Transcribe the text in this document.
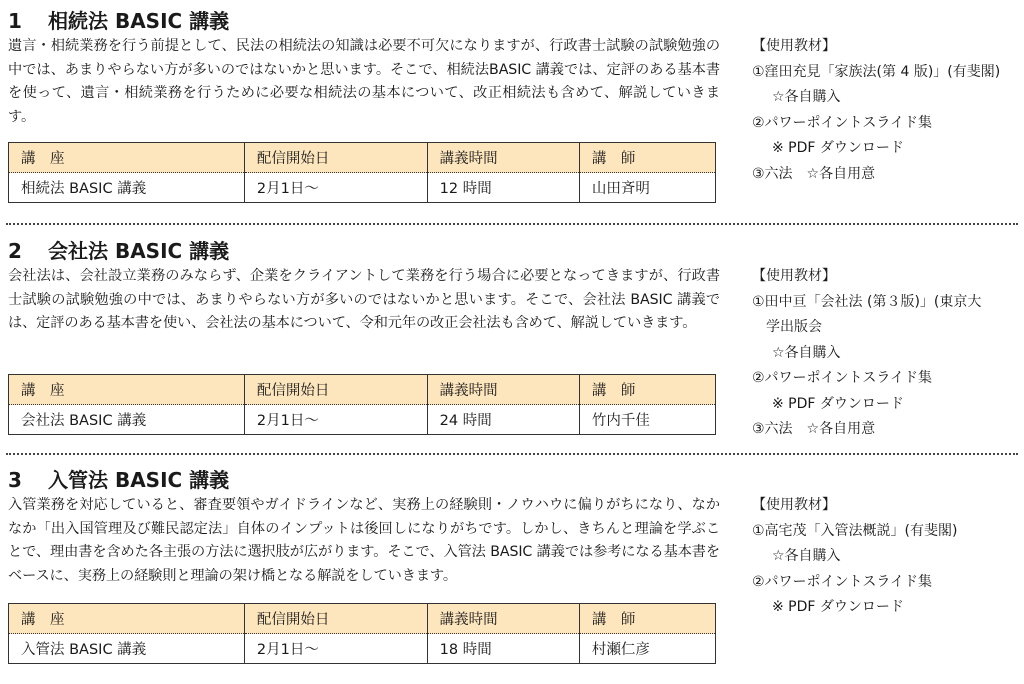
1 相続法 BASIC 講義
遺言・相続業務を行う前提として、民法の相続法の知識は必要不可欠になりますが、行政書士試験の試験勉強の中では、あまりやらない方が多いのではないかと思います。そこで、相続法BASIC 講義では、定評のある基本書を使って、遺言・相続業務を行うために必要な相続法の基本について、改正相続法も含めて、解説していきます。
講　座	配信開始日	講義時間	講　師
相続法 BASIC 講義	2月1日〜	12 時間	山田斉明
【使用教材】
①窪田充見「家族法(第 4 版)」(有斐閣)
☆各自購入
②パワーポイントスライド集
※ PDF ダウンロード
③六法　☆各自用意
2 会社法 BASIC 講義
会社法は、会社設立業務のみならず、企業をクライアントして業務を行う場合に必要となってきますが、行政書士試験の試験勉強の中では、あまりやらない方が多いのではないかと思います。そこで、会社法 BASIC 講義では、定評のある基本書を使い、会社法の基本について、令和元年の改正会社法も含めて、解説していきます。
講　座	配信開始日	講義時間	講　師
会社法 BASIC 講義	2月1日〜	24 時間	竹内千佳
【使用教材】
①田中亘「会社法 (第３版)」(東京大
学出版会
☆各自購入
②パワーポイントスライド集
※ PDF ダウンロード
③六法　☆各自用意
3 入管法 BASIC 講義
入管業務を対応していると、審査要領やガイドラインなど、実務上の経験則・ノウハウに偏りがちになり、なかなか「出入国管理及び難民認定法」自体のインプットは後回しになりがちです。しかし、きちんと理論を学ぶことで、理由書を含めた各主張の方法に選択肢が広がります。そこで、入管法 BASIC 講義では参考になる基本書をベースに、実務上の経験則と理論の架け橋となる解説をしていきます。
講　座	配信開始日	講義時間	講　師
入管法 BASIC 講義	2月1日〜	18 時間	村瀬仁彦
【使用教材】
①高宅茂「入管法概説」(有斐閣)
☆各自購入
②パワーポイントスライド集
※ PDF ダウンロード
